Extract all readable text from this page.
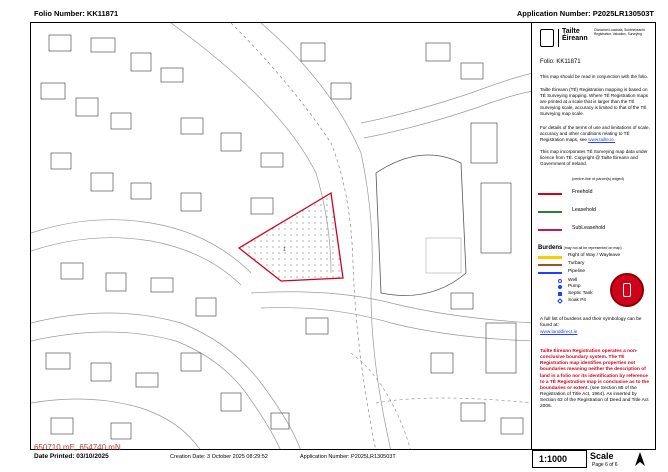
Folio Number: KK11871	Application Number: P2025LR130503T
1
650710 mE, 654740 mN
Tailte
Éireann
Clárúchán Luachála, Suirbhéireacht
Registration, Valuation, Surveying
Folio: KK11871
This map should be read in conjunction with the folio.
Tailte Éireann (TÉ) Registration mapping is based on TÉ Surveying mapping. Where TÉ Registration maps are printed at a scale that is larger than the TÉ Surveying scale, accuracy is limited to that of the TÉ Surveying map scale.
For details of the terms of use and limitations of scale, accuracy and other conditions relating to TÉ Registration maps, see www.tailte.ie.
This map incorporates TÉ Surveying map data under licence from TÉ. Copyright @ Tailte Éireann and Government of Ireland.
(centre-line of parcel(s) edged)
Freehold
Leasehold
SubLeasehold
Burdens (may not all be represented on map)
Right of Way / Wayleave
Turbary
Pipeline
Well
Pump
Septic Tank
Soak Pit
A full list of burdens and their symbology can be found at:
www.landdirect.ie
Tailte Éireann Registration operates a non-conclusive boundary system. The TÉ Registration map identifies properties not boundaries meaning neither the description of land in a folio nor its identification by reference to a TÉ Registration map is conclusive as to the boundaries or extent. (see Section 85 of the Registration of Title Act, 1964). As inserted by Section 62 of the Registration of Deed and Title Act 2006.
Date Printed: 03/10/2025	Creation Date: 3 October 2025 08:29:52	Application Number: P2025LR130503T	1:1000	Scale
Page 6 of 6
